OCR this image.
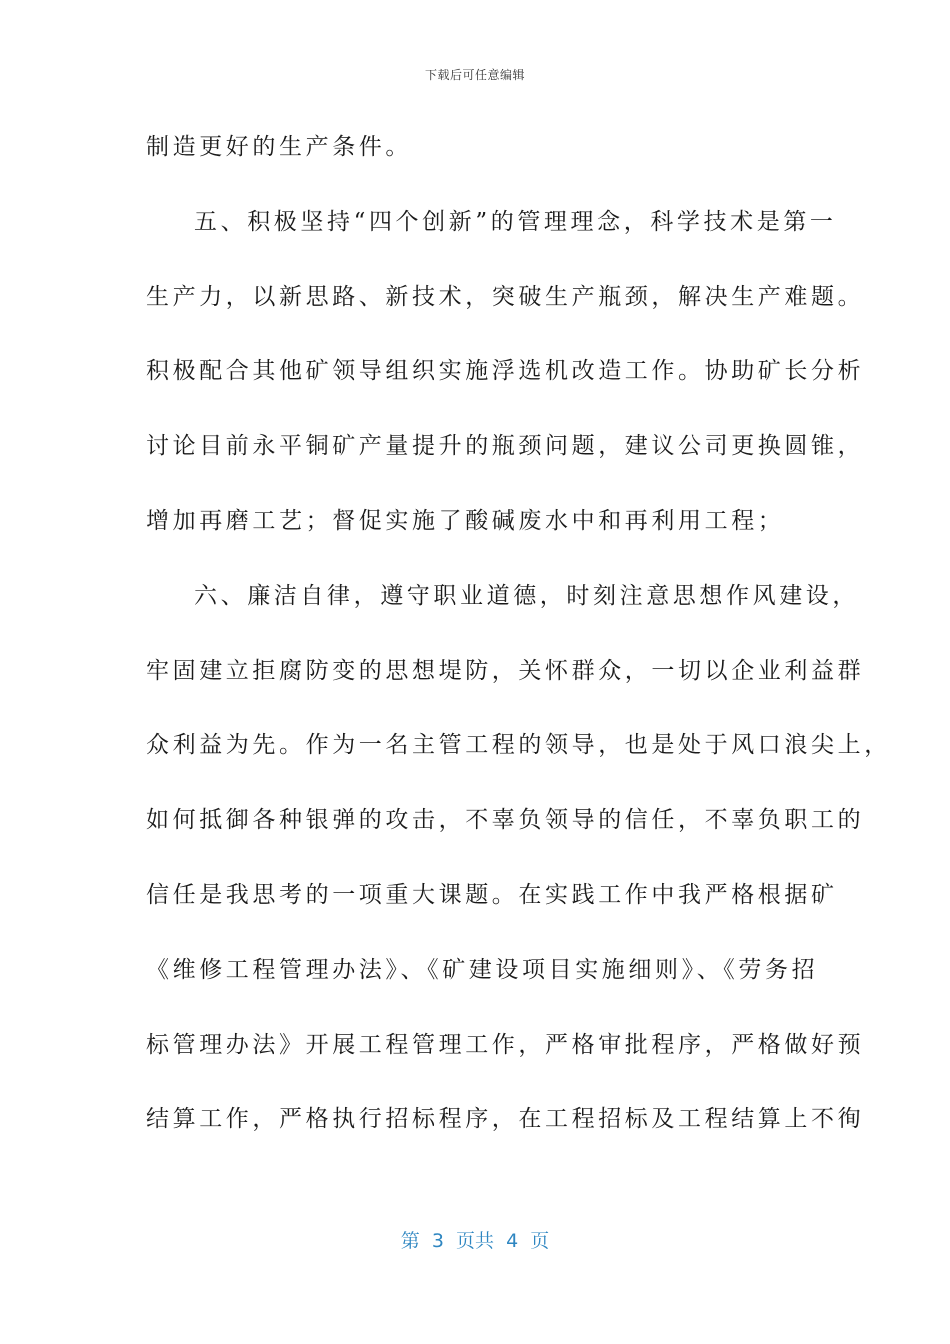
下载后可任意编辑
制造更好的生产条件。
五、积极坚持“四个创新”的管理理念，科学技术是第一
生产力，以新思路、新技术，突破生产瓶颈，解决生产难题。
积极配合其他矿领导组织实施浮选机改造工作。协助矿长分析
讨论目前永平铜矿产量提升的瓶颈问题，建议公司更换圆锥，
增加再磨工艺；督促实施了酸碱废水中和再利用工程；
六、廉洁自律，遵守职业道德，时刻注意思想作风建设，
牢固建立拒腐防变的思想堤防，关怀群众，一切以企业利益群
众利益为先。作为一名主管工程的领导，也是处于风口浪尖上，
如何抵御各种银弹的攻击，不辜负领导的信任，不辜负职工的
信任是我思考的一项重大课题。在实践工作中我严格根据矿
《维修工程管理办法》、《矿建设项目实施细则》、《劳务招
标管理办法》开展工程管理工作，严格审批程序，严格做好预
结算工作，严格执行招标程序，在工程招标及工程结算上不徇
第  3  页共  4  页
